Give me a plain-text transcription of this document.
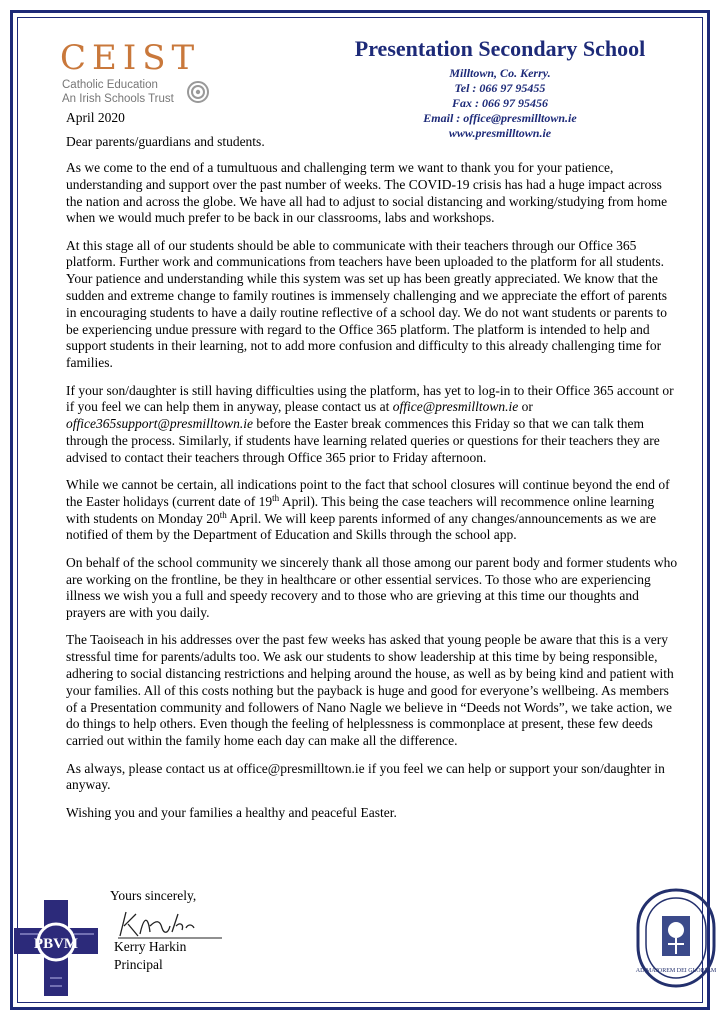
CEIST
Catholic Education
An Irish Schools Trust
Presentation Secondary School
Milltown, Co. Kerry.
Tel : 066 97 95455
Fax : 066 97 95456
Email : office@presmilltown.ie
www.presmilltown.ie
April 2020
Dear parents/guardians and students.

As we come to the end of a tumultuous and challenging term we want to thank you for your patience, understanding and support over the past number of weeks. The COVID-19 crisis has had a huge impact across the nation and across the globe. We have all had to adjust to social distancing and working/studying from home when we would much prefer to be back in our classrooms, labs and workshops.

At this stage all of our students should be able to communicate with their teachers through our Office 365 platform. Further work and communications from teachers have been uploaded to the platform for all students. Your patience and understanding while this system was set up has been greatly appreciated. We know that the sudden and extreme change to family routines is immensely challenging and we appreciate the effort of parents in encouraging students to have a daily routine reflective of a school day. We do not want students or parents to be experiencing undue pressure with regard to the Office 365 platform. The platform is intended to help and support students in their learning, not to add more confusion and difficulty to this already challenging time for families.

If your son/daughter is still having difficulties using the platform, has yet to log-in to their Office 365 account or if you feel we can help them in anyway, please contact us at office@presmilltown.ie or office365support@presmilltown.ie before the Easter break commences this Friday so that we can talk them through the process. Similarly, if students have learning related queries or questions for their teachers they are advised to contact their teachers through Office 365 prior to Friday afternoon.

While we cannot be certain, all indications point to the fact that school closures will continue beyond the end of the Easter holidays (current date of 19th April). This being the case teachers will recommence online learning with students on Monday 20th April. We will keep parents informed of any changes/announcements as we are notified of them by the Department of Education and Skills through the school app.

On behalf of the school community we sincerely thank all those among our parent body and former students who are working on the frontline, be they in healthcare or other essential services. To those who are experiencing illness we wish you a full and speedy recovery and to those who are grieving at this time our thoughts and prayers are with you daily.

The Taoiseach in his addresses over the past few weeks has asked that young people be aware that this is a very stressful time for parents/adults too. We ask our students to show leadership at this time by being responsible, adhering to social distancing restrictions and helping around the house, as well as by being kind and patient with your families. All of this costs nothing but the payback is huge and good for everyone’s wellbeing. As members of a Presentation community and followers of Nano Nagle we believe in “Deeds not Words”, we take action, we do things to help others. Even though the feeling of helplessness is commonplace at present, these few deeds carried out within the family home each day can make all the difference.

As always, please contact us at office@presmilltown.ie if you feel we can help or support your son/daughter in anyway.

Wishing you and your families a healthy and peaceful Easter.

Yours sincerely,
Kerry Harkin
Principal
PBVM
AD MAJOREM DEI GLORIAM
